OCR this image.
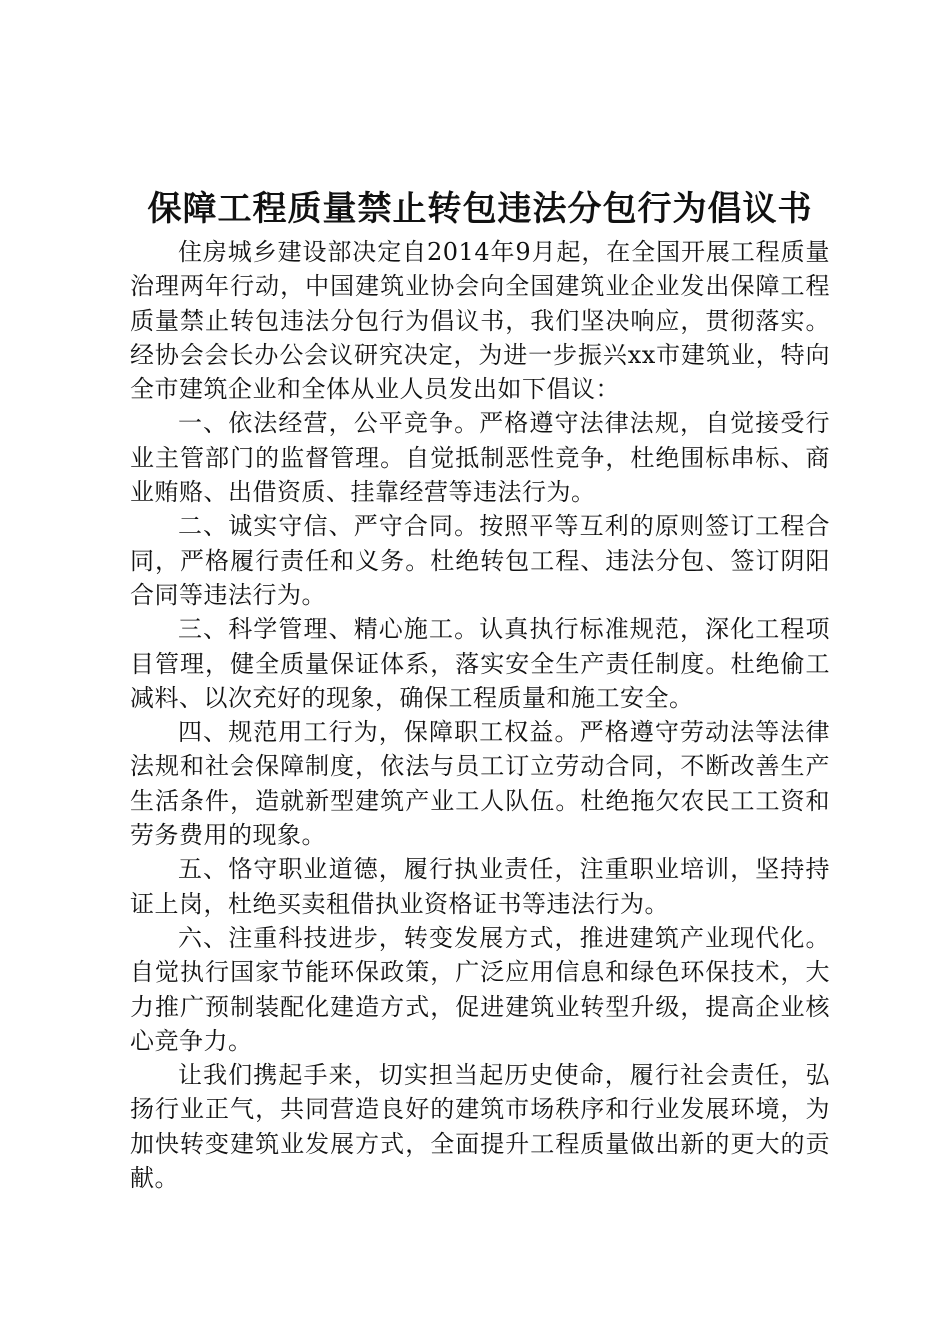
保障工程质量禁止转包违法分包行为倡议书

住房城乡建设部决定自2014年9月起，在全国开展工程质量治理两年行动，中国建筑业协会向全国建筑业企业发出保障工程质量禁止转包违法分包行为倡议书，我们坚决响应，贯彻落实。经协会会长办公会议研究决定，为进一步振兴xx市建筑业，特向全市建筑企业和全体从业人员发出如下倡议：

一、依法经营，公平竞争。严格遵守法律法规，自觉接受行业主管部门的监督管理。自觉抵制恶性竞争，杜绝围标串标、商业贿赂、出借资质、挂靠经营等违法行为。

二、诚实守信、严守合同。按照平等互利的原则签订工程合同，严格履行责任和义务。杜绝转包工程、违法分包、签订阴阳合同等违法行为。

三、科学管理、精心施工。认真执行标准规范，深化工程项目管理，健全质量保证体系，落实安全生产责任制度。杜绝偷工减料、以次充好的现象，确保工程质量和施工安全。

四、规范用工行为，保障职工权益。严格遵守劳动法等法律法规和社会保障制度，依法与员工订立劳动合同，不断改善生产生活条件，造就新型建筑产业工人队伍。杜绝拖欠农民工工资和劳务费用的现象。

五、恪守职业道德，履行执业责任，注重职业培训，坚持持证上岗，杜绝买卖租借执业资格证书等违法行为。

六、注重科技进步，转变发展方式，推进建筑产业现代化。自觉执行国家节能环保政策，广泛应用信息和绿色环保技术，大力推广预制装配化建造方式，促进建筑业转型升级，提高企业核心竞争力。

让我们携起手来，切实担当起历史使命，履行社会责任，弘扬行业正气，共同营造良好的建筑市场秩序和行业发展环境，为加快转变建筑业发展方式，全面提升工程质量做出新的更大的贡献。
